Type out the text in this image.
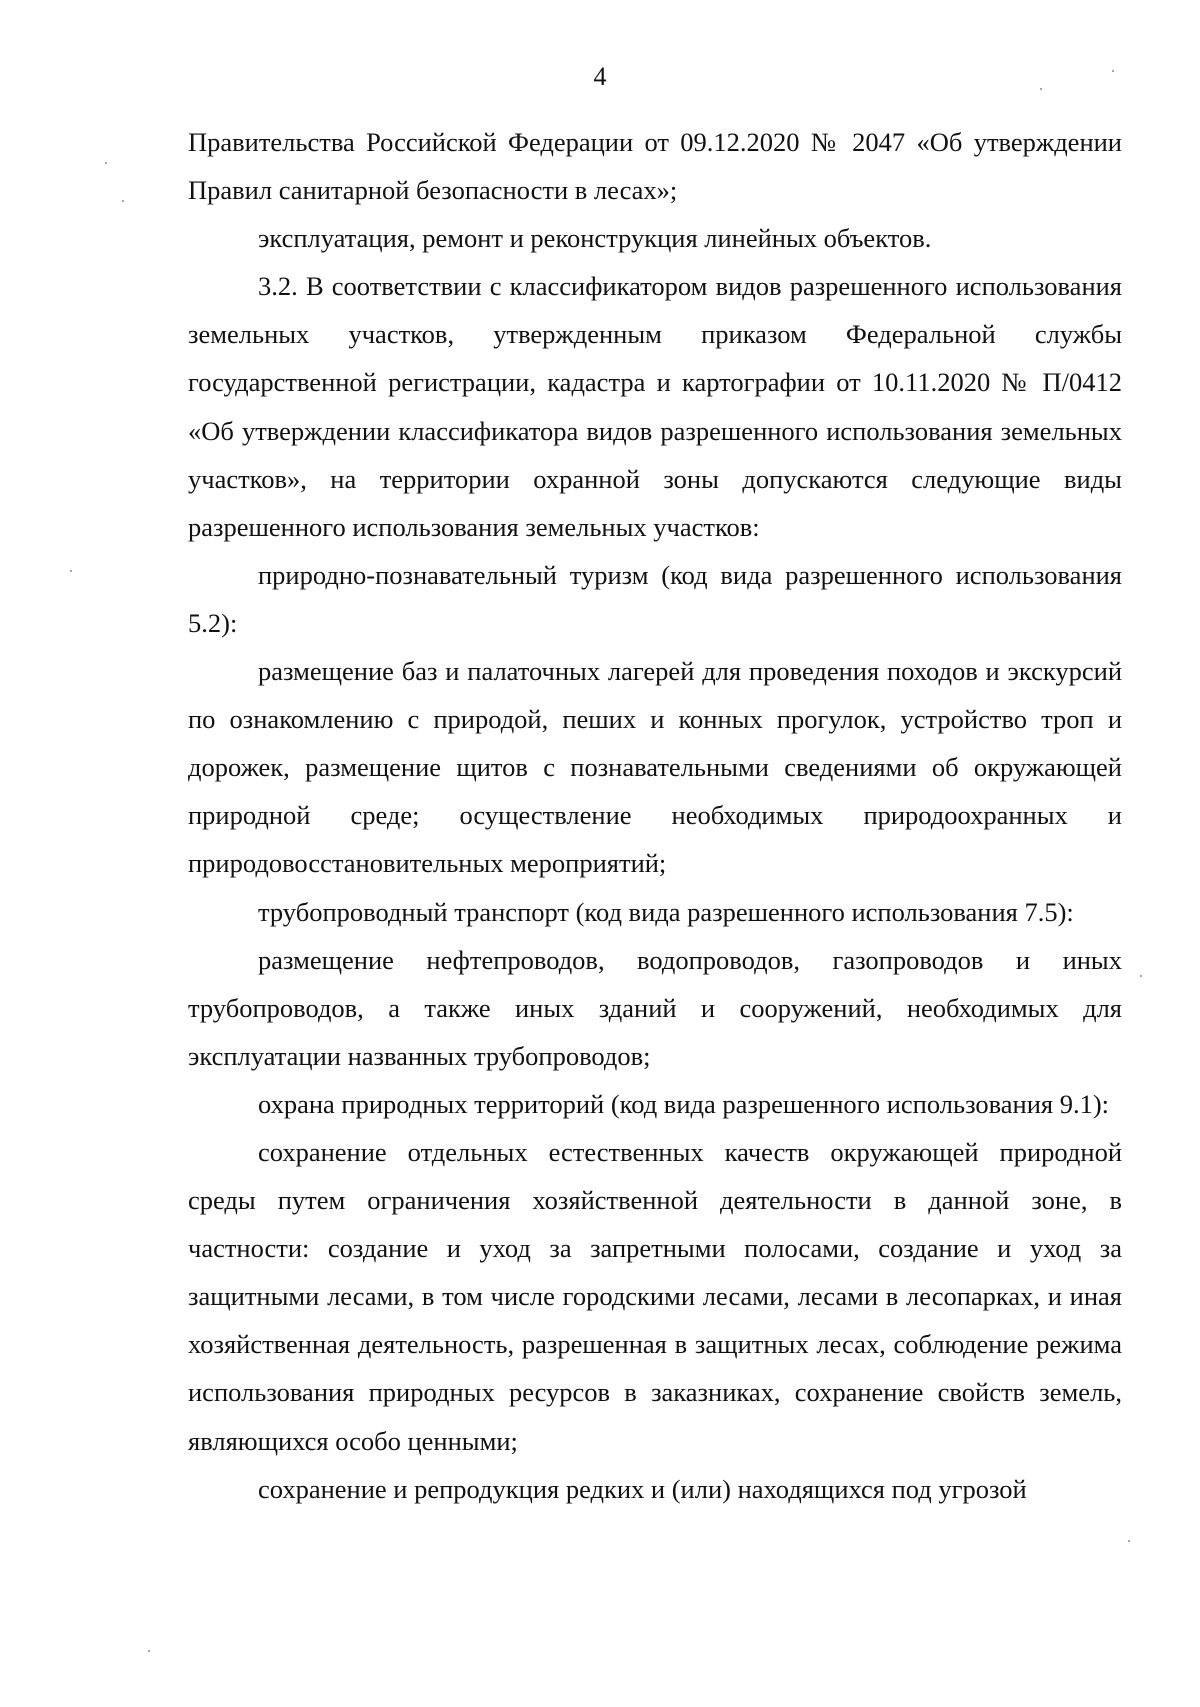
4

Правительства Российской Федерации от 09.12.2020 № 2047 «Об утверждении Правил санитарной безопасности в лесах»;

эксплуатация, ремонт и реконструкция линейных объектов.

3.2. В соответствии с классификатором видов разрешенного использования земельных участков, утвержденным приказом Федеральной службы государственной регистрации, кадастра и картографии от 10.11.2020 № П/0412 «Об утверждении классификатора видов разрешенного использования земельных участков», на территории охранной зоны допускаются следующие виды разрешенного использования земельных участков:

природно-познавательный туризм (код вида разрешенного использования 5.2):

размещение баз и палаточных лагерей для проведения походов и экскурсий по ознакомлению с природой, пеших и конных прогулок, устройство троп и дорожек, размещение щитов с познавательными сведениями об окружающей природной среде; осуществление необходимых природоохранных и природовосстановительных мероприятий;

трубопроводный транспорт (код вида разрешенного использования 7.5):

размещение нефтепроводов, водопроводов, газопроводов и иных трубопроводов, а также иных зданий и сооружений, необходимых для эксплуатации названных трубопроводов;

охрана природных территорий (код вида разрешенного использования 9.1):

сохранение отдельных естественных качеств окружающей природной среды путем ограничения хозяйственной деятельности в данной зоне, в частности: создание и уход за запретными полосами, создание и уход за защитными лесами, в том числе городскими лесами, лесами в лесопарках, и иная хозяйственная деятельность, разрешенная в защитных лесах, соблюдение режима использования природных ресурсов в заказниках, сохранение свойств земель, являющихся особо ценными;

сохранение и репродукция редких и (или) находящихся под угрозой
